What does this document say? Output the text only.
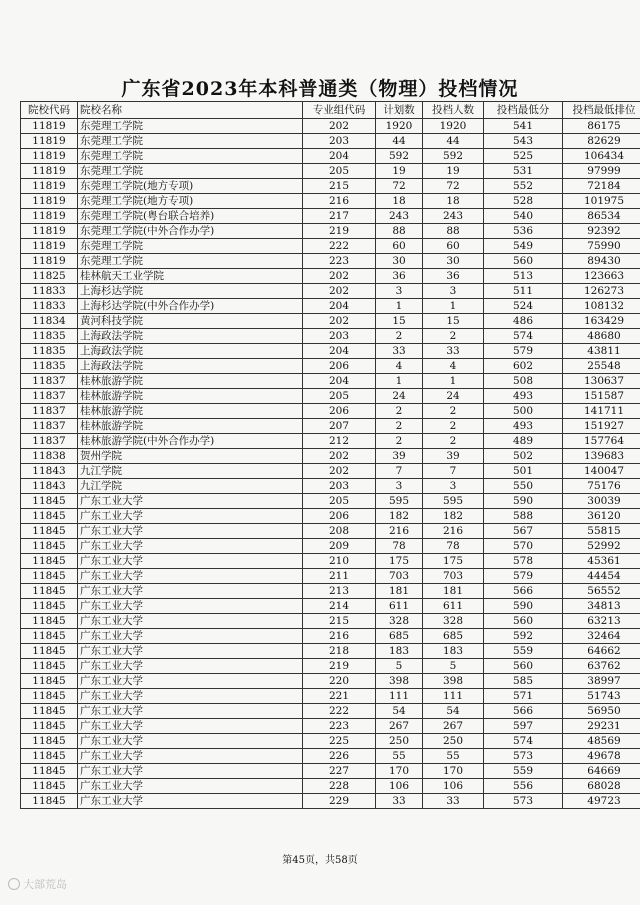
广东省2023年本科普通类（物理）投档情况
院校代码	院校名称	专业组代码	计划数	投档人数	投档最低分	投档最低排位
11819	东莞理工学院	202	1920	1920	541	86175
11819	东莞理工学院	203	44	44	543	82629
11819	东莞理工学院	204	592	592	525	106434
11819	东莞理工学院	205	19	19	531	97999
11819	东莞理工学院(地方专项)	215	72	72	552	72184
11819	东莞理工学院(地方专项)	216	18	18	528	101975
11819	东莞理工学院(粤台联合培养)	217	243	243	540	86534
11819	东莞理工学院(中外合作办学)	219	88	88	536	92392
11819	东莞理工学院	222	60	60	549	75990
11819	东莞理工学院	223	30	30	560	89430
11825	桂林航天工业学院	202	36	36	513	123663
11833	上海杉达学院	202	3	3	511	126273
11833	上海杉达学院(中外合作办学)	204	1	1	524	108132
11834	黄河科技学院	202	15	15	486	163429
11835	上海政法学院	203	2	2	574	48680
11835	上海政法学院	204	33	33	579	43811
11835	上海政法学院	206	4	4	602	25548
11837	桂林旅游学院	204	1	1	508	130637
11837	桂林旅游学院	205	24	24	493	151587
11837	桂林旅游学院	206	2	2	500	141711
11837	桂林旅游学院	207	2	2	493	151927
11837	桂林旅游学院(中外合作办学)	212	2	2	489	157764
11838	贺州学院	202	39	39	502	139683
11843	九江学院	202	7	7	501	140047
11843	九江学院	203	3	3	550	75176
11845	广东工业大学	205	595	595	590	30039
11845	广东工业大学	206	182	182	588	36120
11845	广东工业大学	208	216	216	567	55815
11845	广东工业大学	209	78	78	570	52992
11845	广东工业大学	210	175	175	578	45361
11845	广东工业大学	211	703	703	579	44454
11845	广东工业大学	213	181	181	566	56552
11845	广东工业大学	214	611	611	590	34813
11845	广东工业大学	215	328	328	560	63213
11845	广东工业大学	216	685	685	592	32464
11845	广东工业大学	218	183	183	559	64662
11845	广东工业大学	219	5	5	560	63762
11845	广东工业大学	220	398	398	585	38997
11845	广东工业大学	221	111	111	571	51743
11845	广东工业大学	222	54	54	566	56950
11845	广东工业大学	223	267	267	597	29231
11845	广东工业大学	225	250	250	574	48569
11845	广东工业大学	226	55	55	573	49678
11845	广东工业大学	227	170	170	559	64669
11845	广东工业大学	228	106	106	556	68028
11845	广东工业大学	229	33	33	573	49723
第45页，共58页
大部荒岛
